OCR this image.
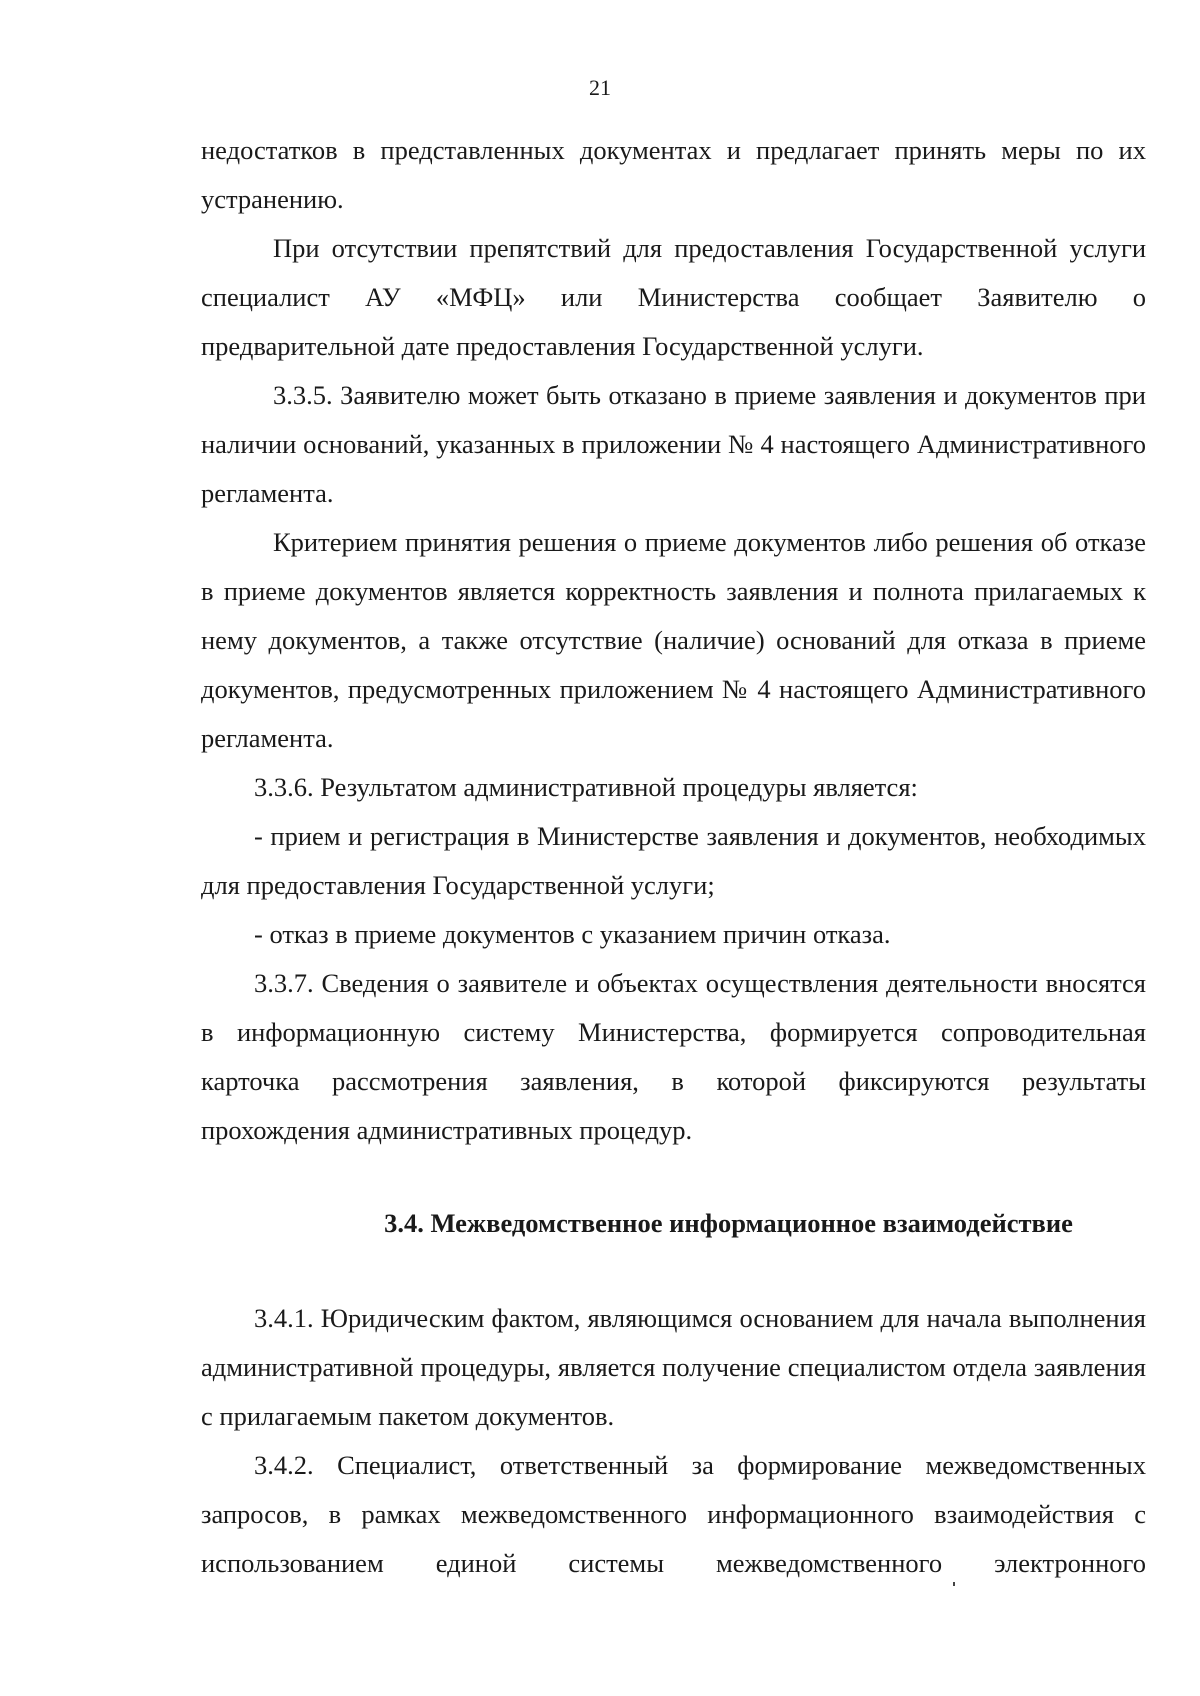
21

недостатков в представленных документах и предлагает принять меры по их устранению.

При отсутствии препятствий для предоставления Государственной услуги специалист АУ «МФЦ» или Министерства сообщает Заявителю о предварительной дате предоставления Государственной услуги.

3.3.5. Заявителю может быть отказано в приеме заявления и документов при наличии оснований, указанных в приложении № 4 настоящего Административного регламента.

Критерием принятия решения о приеме документов либо решения об отказе в приеме документов является корректность заявления и полнота прилагаемых к нему документов, а также отсутствие (наличие) оснований для отказа в приеме документов, предусмотренных приложением № 4 настоящего Административного регламента.

3.3.6. Результатом административной процедуры является:

- прием и регистрация в Министерстве заявления и документов, необходимых для предоставления Государственной услуги;

- отказ в приеме документов с указанием причин отказа.

3.3.7. Сведения о заявителе и объектах осуществления деятельности вносятся в информационную систему Министерства, формируется сопроводительная карточка рассмотрения заявления, в которой фиксируются результаты прохождения административных процедур.

3.4. Межведомственное информационное взаимодействие

3.4.1. Юридическим фактом, являющимся основанием для начала выполнения административной процедуры, является получение специалистом отдела заявления с прилагаемым пакетом документов.

3.4.2. Специалист, ответственный за формирование межведомственных запросов, в рамках межведомственного информационного взаимодействия с использованием единой системы межведомственного электронного
